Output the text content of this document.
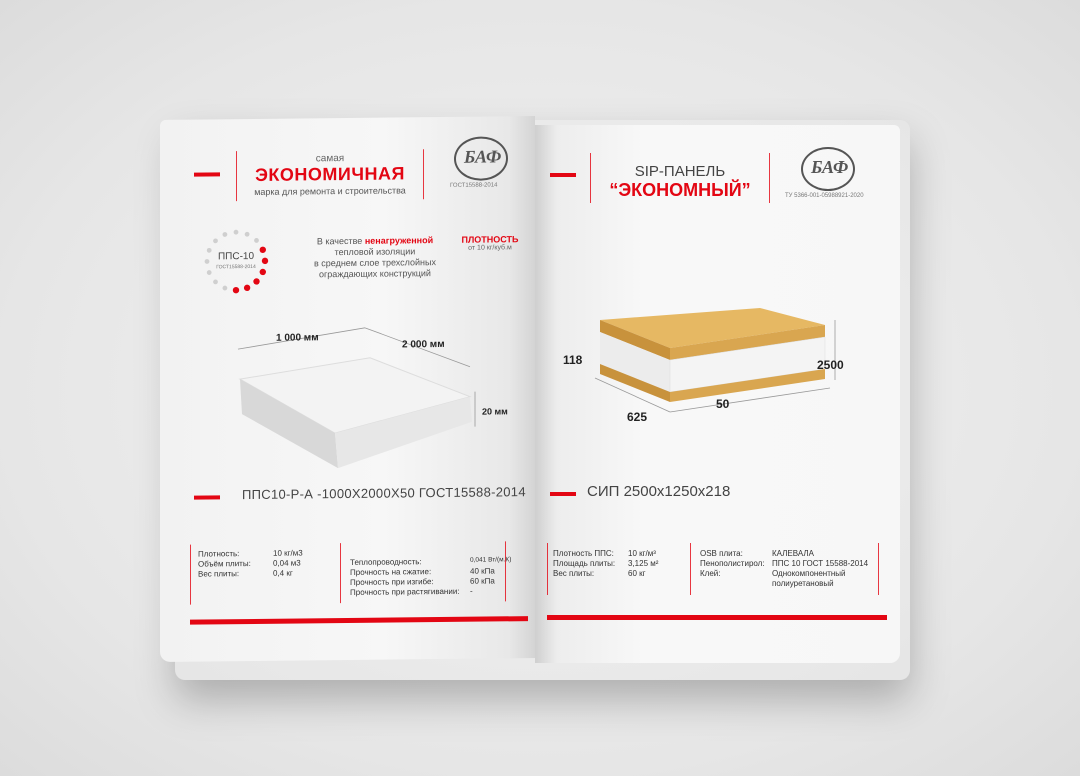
самая
ЭКОНОМИЧНАЯ
марка для ремонта и строительства
БАФ
ГОСТ15588-2014
ППС-10
ГОСТ15588-2014
В качестве ненагруженной
тепловой изоляции
в среднем слое трехслойных
ограждающих конструкций
ПЛОТНОСТЬ
от 10 кг/куб.м
1 000 мм
2 000 мм
20 мм
ППС10-Р-А -1000Х2000Х50 ГОСТ15588-2014
Плотность:	10 кг/м3
Объём плиты:	0,04 м3
Вес плиты:	0,4 кг
Теплопроводность:	0,041 Вт/(м.К)
Прочность на сжатие:	40 кПа
Прочность при изгибе:	60 кПа
Прочность при растягивании: -
SIP-ПАНЕЛЬ
“ЭКОНОМНЫЙ”
БАФ
ТУ 5366-001-05988921-2020
118
625
50
2500
СИП 2500x1250x218
Плотность ППС: 10 кг/м³
Площадь плиты: 3,125 м²
Вес плиты:	60 кг
OSB плита:	КАЛЕВАЛА
Пенополистирол: ППС 10 ГОСТ 15588-2014
Клей:	Однокомпонентный
полиуретановый
